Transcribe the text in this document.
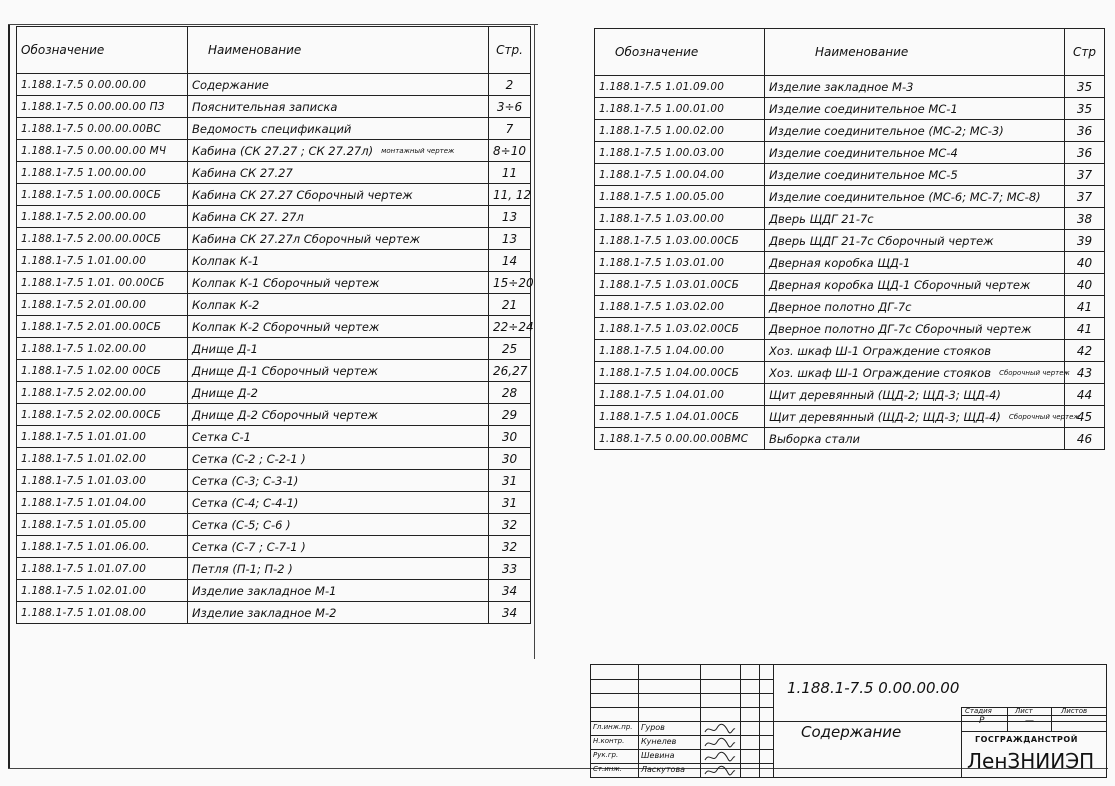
Обозначение	Наименование	Стр.
1.188.1-7.5 0.00.00.00	Содержание	2
1.188.1-7.5 0.00.00.00 ПЗ	Пояснительная записка	3÷6
1.188.1-7.5 0.00.00.00ВС	Ведомость спецификаций	7
1.188.1-7.5 0.00.00.00 МЧ	Кабина (СК 27.27 ; СК 27.27л) монтажный чертеж	8÷10
1.188.1-7.5 1.00.00.00	Кабина СК 27.27	11
1.188.1-7.5 1.00.00.00СБ	Кабина СК 27.27 Сборочный чертеж	11, 12
1.188.1-7.5 2.00.00.00	Кабина СК 27. 27л	13
1.188.1-7.5 2.00.00.00СБ	Кабина СК 27.27л Сборочный чертеж	13
1.188.1-7.5 1.01.00.00	Колпак К-1	14
1.188.1-7.5 1.01. 00.00СБ	Колпак К-1 Сборочный чертеж	15÷20
1.188.1-7.5 2.01.00.00	Колпак К-2	21
1.188.1-7.5 2.01.00.00СБ	Колпак К-2 Сборочный чертеж	22÷24
1.188.1-7.5 1.02.00.00	Днище Д-1	25
1.188.1-7.5 1.02.00 00СБ	Днище Д-1 Сборочный чертеж	26,27
1.188.1-7.5 2.02.00.00	Днище Д-2	28
1.188.1-7.5 2.02.00.00СБ	Днище Д-2 Сборочный чертеж	29
1.188.1-7.5 1.01.01.00	Сетка С-1	30
1.188.1-7.5 1.01.02.00	Сетка (С-2 ; С-2-1 )	30
1.188.1-7.5 1.01.03.00	Сетка (С-3; С-3-1)	31
1.188.1-7.5 1.01.04.00	Сетка (С-4; С-4-1)	31
1.188.1-7.5 1.01.05.00	Сетка (С-5; С-6 )	32
1.188.1-7.5 1.01.06.00.	Сетка (С-7 ; С-7-1 )	32
1.188.1-7.5 1.01.07.00	Петля (П-1; П-2 )	33
1.188.1-7.5 1.02.01.00	Изделие закладное М-1	34
1.188.1-7.5 1.01.08.00	Изделие закладное М-2	34
Обозначение	Наименование	Стр
1.188.1-7.5 1.01.09.00	Изделие закладное М-3	35
1.188.1-7.5 1.00.01.00	Изделие соединительное МС-1	35
1.188.1-7.5 1.00.02.00	Изделие соединительное (МС-2; МС-3)	36
1.188.1-7.5 1.00.03.00	Изделие соединительное МС-4	36
1.188.1-7.5 1.00.04.00	Изделие соединительное МС-5	37
1.188.1-7.5 1.00.05.00	Изделие соединительное (МС-6; МС-7; МС-8)	37
1.188.1-7.5 1.03.00.00	Дверь ЩДГ 21-7с	38
1.188.1-7.5 1.03.00.00СБ	Дверь ЩДГ 21-7с Сборочный чертеж	39
1.188.1-7.5 1.03.01.00	Дверная коробка ЩД-1	40
1.188.1-7.5 1.03.01.00СБ	Дверная коробка ЩД-1 Сборочный чертеж	40
1.188.1-7.5 1.03.02.00	Дверное полотно ДГ-7с	41
1.188.1-7.5 1.03.02.00СБ	Дверное полотно ДГ-7с Сборочный чертеж	41
1.188.1-7.5 1.04.00.00	Хоз. шкаф Ш-1 Ограждение стояков	42
1.188.1-7.5 1.04.00.00СБ	Хоз. шкаф Ш-1 Ограждение стояков Сборочный чертеж	43
1.188.1-7.5 1.04.01.00	Щит деревянный (ЩД-2; ЩД-3; ЩД-4)	44
1.188.1-7.5 1.04.01.00СБ	Щит деревянный (ЩД-2; ЩД-3; ЩД-4) Сборочный чертеж	45
1.188.1-7.5 0.00.00.00ВМС	Выборка стали	46
1.188.1-7.5 0.00.00.00
Содержание
Стадия	Лист	Листов
Р	—
ГОСГРАЖДАНСТРОЙ
ЛенЗНИИЭП
Гл.инж.пр. Гуров
Н.контр. Кунелев
Рук.гр.	Шевина
Ст.инж. Ласкутова
